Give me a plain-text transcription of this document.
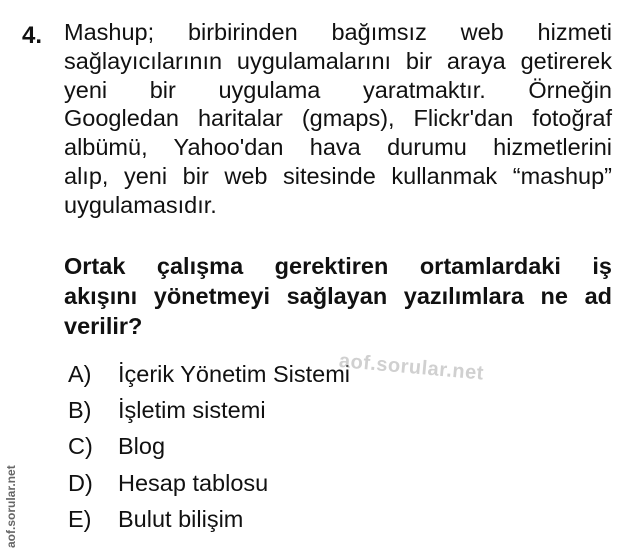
4. Mashup; birbirinden bağımsız web hizmeti
sağlayıcılarının uygulamalarını bir araya getirerek
yeni bir uygulama yaratmaktır. Örneğin
Googledan haritalar (gmaps), Flickr'dan fotoğraf
albümü, Yahoo'dan hava durumu hizmetlerini
alıp, yeni bir web sitesinde kullanmak “mashup”
uygulamasıdır.
Ortak çalışma gerektiren ortamlardaki iş
akışını yönetmeyi sağlayan yazılımlara ne ad
verilir?
A)	İçerik Yönetim Sistemi
B)	İşletim sistemi
C)	Blog
D)	Hesap tablosu
E)	Bulut bilişim
aof.sorular.net
aof.sorular.net
